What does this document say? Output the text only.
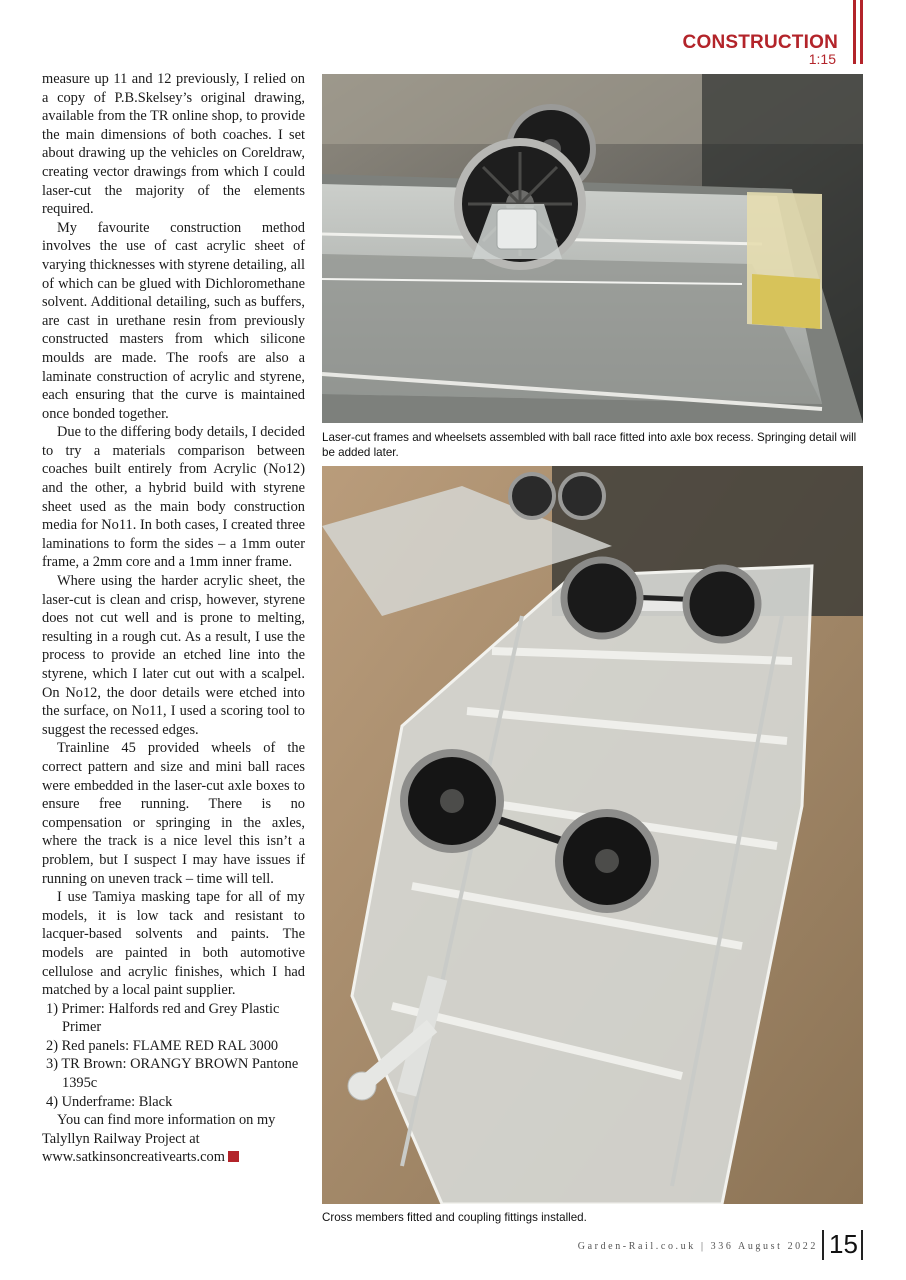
CONSTRUCTION
1:15

measure up 11 and 12 previously, I relied on a copy of P.B.Skelsey’s original drawing, available from the TR online shop, to provide the main dimensions of both coaches. I set about drawing up the vehicles on Coreldraw, creating vector drawings from which I could laser-cut the majority of the elements required.

My favourite construction method involves the use of cast acrylic sheet of varying thicknesses with styrene detailing, all of which can be glued with Dichloromethane solvent. Additional detailing, such as buffers, are cast in urethane resin from previously constructed masters from which silicone moulds are made. The roofs are also a laminate construction of acrylic and styrene, each ensuring that the curve is maintained once bonded together.

Due to the differing body details, I decided to try a materials comparison between coaches built entirely from Acrylic (No12) and the other, a hybrid build with styrene sheet used as the main body construction media for No11. In both cases, I created three laminations to form the sides – a 1mm outer frame, a 2mm core and a 1mm inner frame.

Where using the harder acrylic sheet, the laser-cut is clean and crisp, however, styrene does not cut well and is prone to melting, resulting in a rough cut. As a result, I use the process to provide an etched line into the styrene, which I later cut out with a scalpel. On No12, the door details were etched into the surface, on No11, I used a scoring tool to suggest the recessed edges.

Trainline 45 provided wheels of the correct pattern and size and mini ball races were embedded in the laser-cut axle boxes to ensure free running. There is no compensation or springing in the axles, where the track is a nice level this isn’t a problem, but I suspect I may have issues if running on uneven track – time will tell.

I use Tamiya masking tape for all of my models, it is low tack and resistant to lacquer-based solvents and paints. The models are painted in both automotive cellulose and acrylic finishes, which I had matched by a local paint supplier.

1) Primer: Halfords red and Grey Plastic Primer

2) Red panels: FLAME RED RAL 3000

3) TR Brown: ORANGY BROWN Pantone 1395c

4) Underframe: Black

You can find more information on my Talyllyn Railway Project at www.satkinsoncreativearts.com

Laser-cut frames and wheelsets assembled with ball race fitted into axle box recess. Springing detail will be added later.
Cross members fitted and coupling fittings installed.
Garden-Rail.co.uk | 336 August 2022 15
